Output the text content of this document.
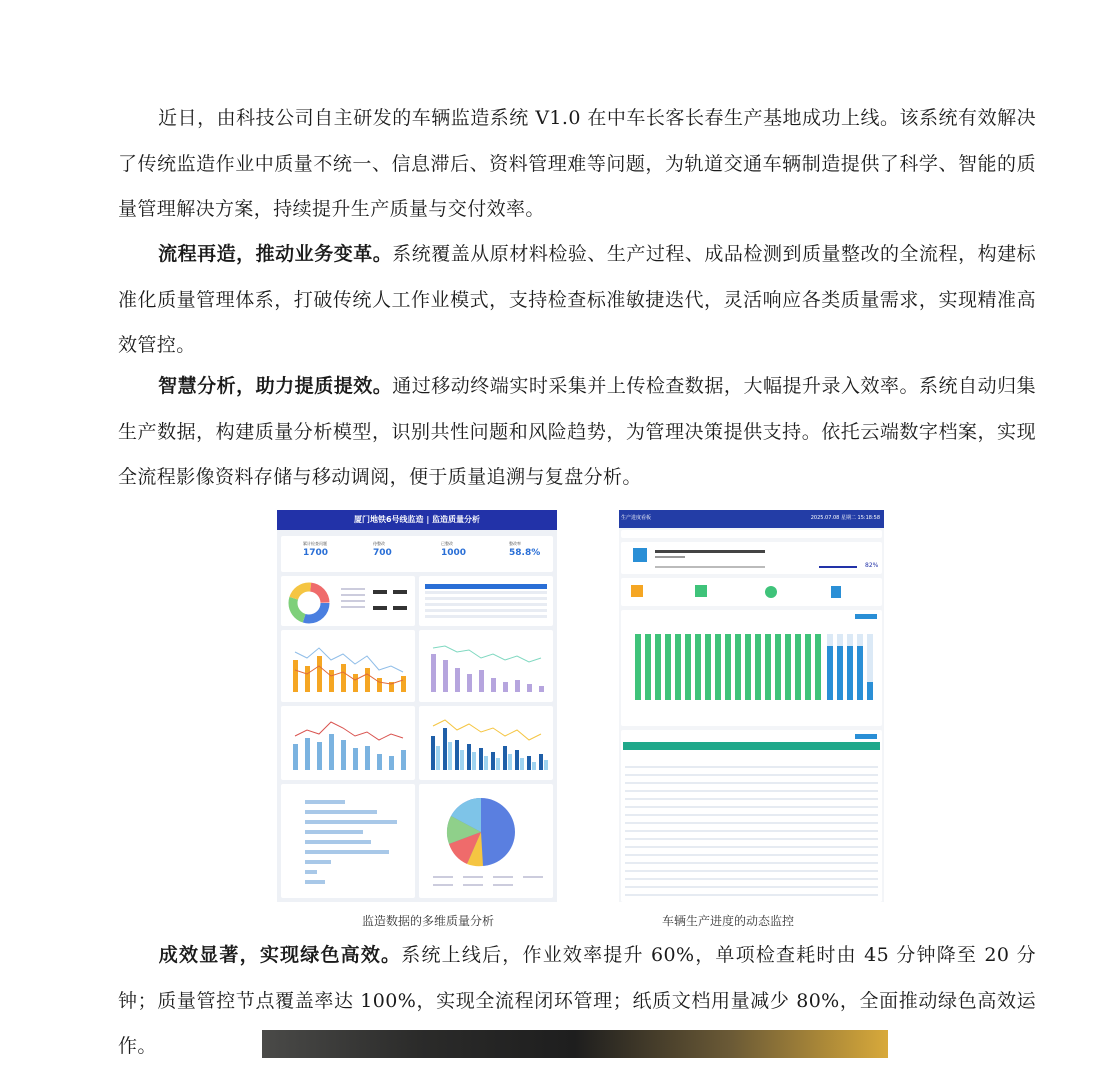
近日，由科技公司自主研发的车辆监造系统 V1.0 在中车长客长春生产基地成功上线。该系统有效解决了传统监造作业中质量不统一、信息滞后、资料管理难等问题，为轨道交通车辆制造提供了科学、智能的质量管理解决方案，持续提升生产质量与交付效率。
流程再造，推动业务变革。系统覆盖从原材料检验、生产过程、成品检测到质量整改的全流程，构建标准化质量管理体系，打破传统人工作业模式，支持检查标准敏捷迭代，灵活响应各类质量需求，实现精准高效管控。
智慧分析，助力提质提效。通过移动终端实时采集并上传检查数据，大幅提升录入效率。系统自动归集生产数据，构建质量分析模型，识别共性问题和风险趋势，为管理决策提供支持。依托云端数字档案，实现全流程影像资料存储与移动调阅，便于质量追溯与复盘分析。
厦门地铁6号线监造 | 监造质量分析
累计检查问题
1700
待整改
700
已整改
1000
整改率
58.8%
生产进度看板	2025.07.08 星期二 15:18:58
82%
监造数据的多维质量分析	车辆生产进度的动态监控
成效显著，实现绿色高效。系统上线后，作业效率提升 60%，单项检查耗时由 45 分钟降至 20 分钟；质量管控节点覆盖率达 100%，实现全流程闭环管理；纸质文档用量减少 80%，全面推动绿色高效运作。
